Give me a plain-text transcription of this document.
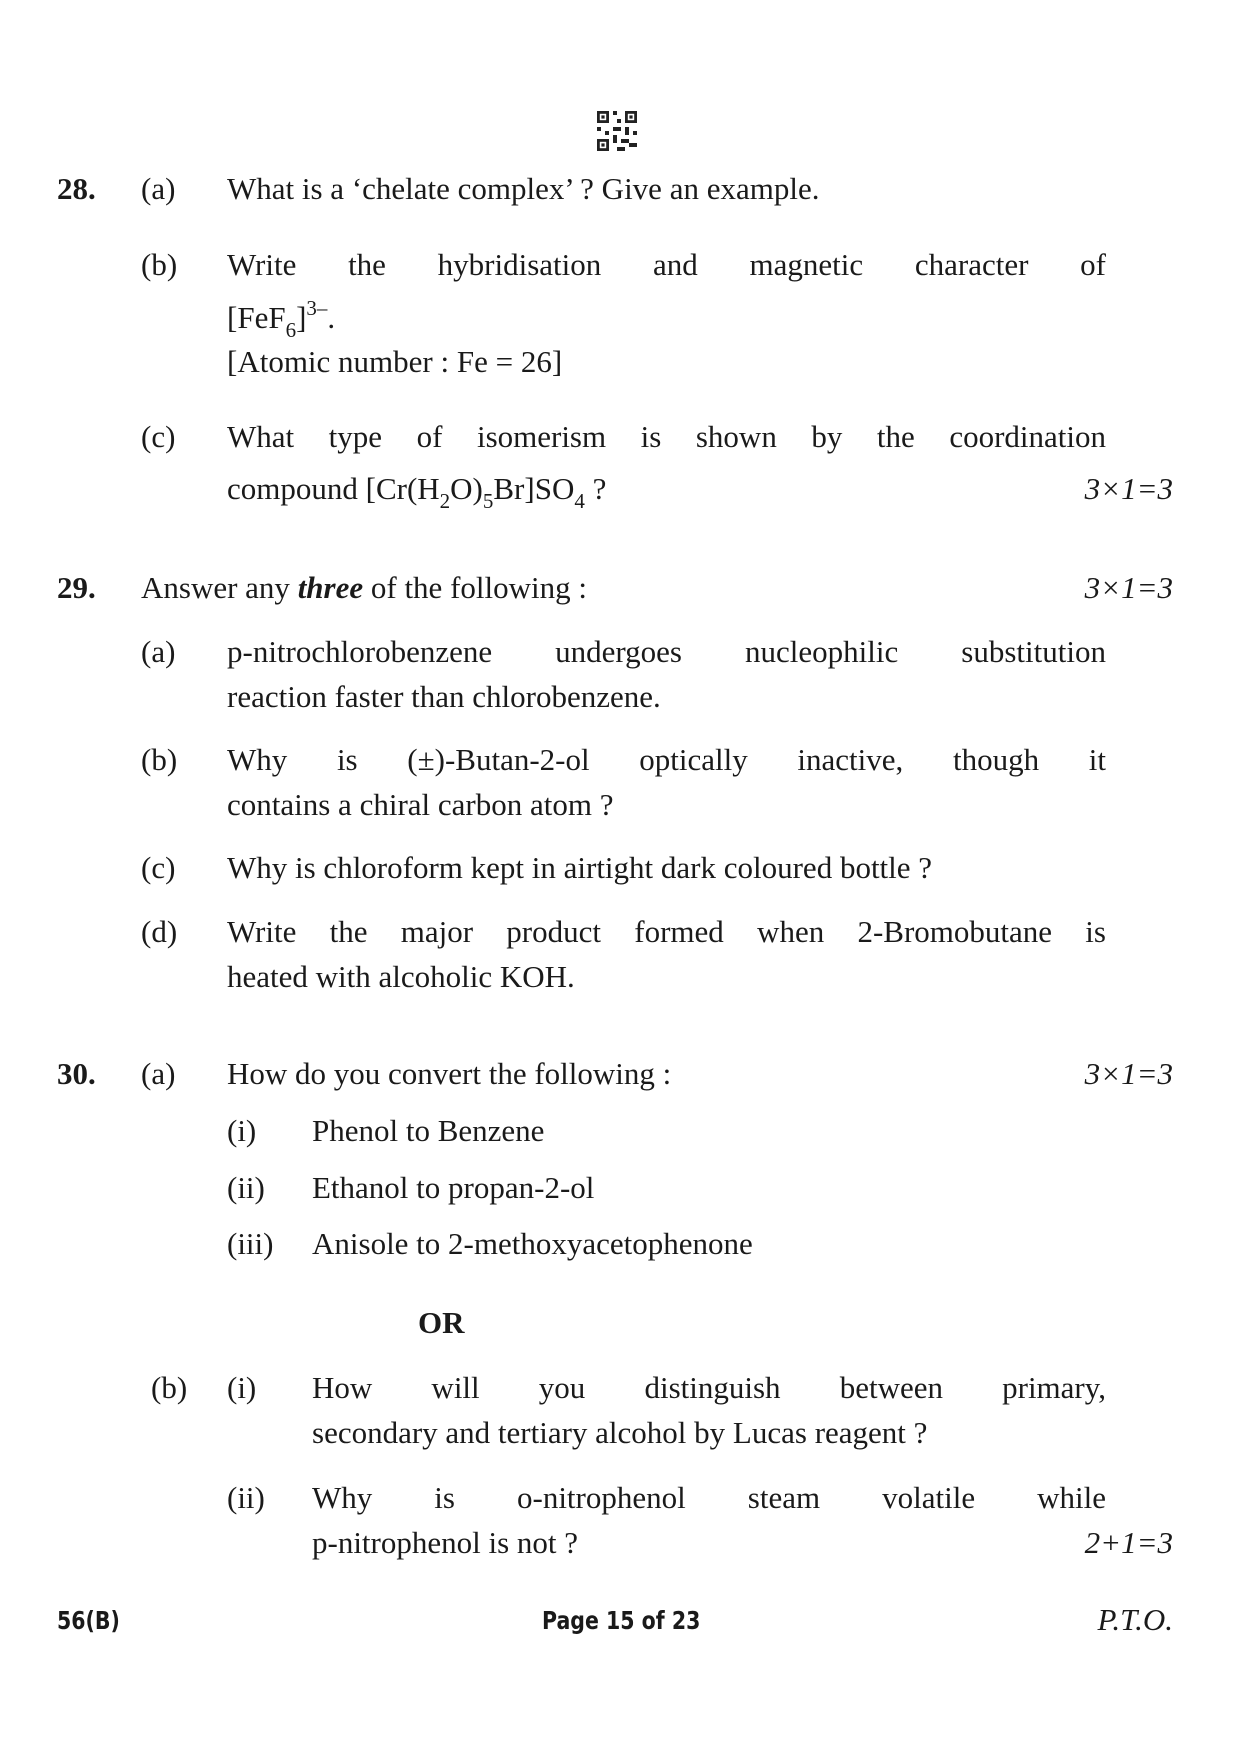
28. (a) What is a ‘chelate complex’ ? Give an example.
(b) Write the hybridisation and magnetic character of
$[FeF_6]^{3-}$.
[Atomic number : Fe = 26]
(c) What type of isomerism is shown by the coordination
compound $[Cr(H_2O)_5Br]SO_4$ ?	3×1=3
29. Answer any three of the following :	3×1=3
(a) p-nitrochlorobenzene undergoes nucleophilic substitution
reaction faster than chlorobenzene.
(b) Why is (±)-Butan-2-ol optically inactive, though it
contains a chiral carbon atom ?
(c) Why is chloroform kept in airtight dark coloured bottle ?
(d) Write the major product formed when 2-Bromobutane is
heated with alcoholic KOH.
30. (a) How do you convert the following :	3×1=3
(i) Phenol to Benzene
(ii) Ethanol to propan-2-ol
(iii) Anisole to 2-methoxyacetophenone
OR
(b) (i) How will you distinguish between primary,
secondary and tertiary alcohol by Lucas reagent ?
(ii) Why is o-nitrophenol steam volatile while
p-nitrophenol is not ?	2+1=3
56(B)	Page 15 of 23	P.T.O.
